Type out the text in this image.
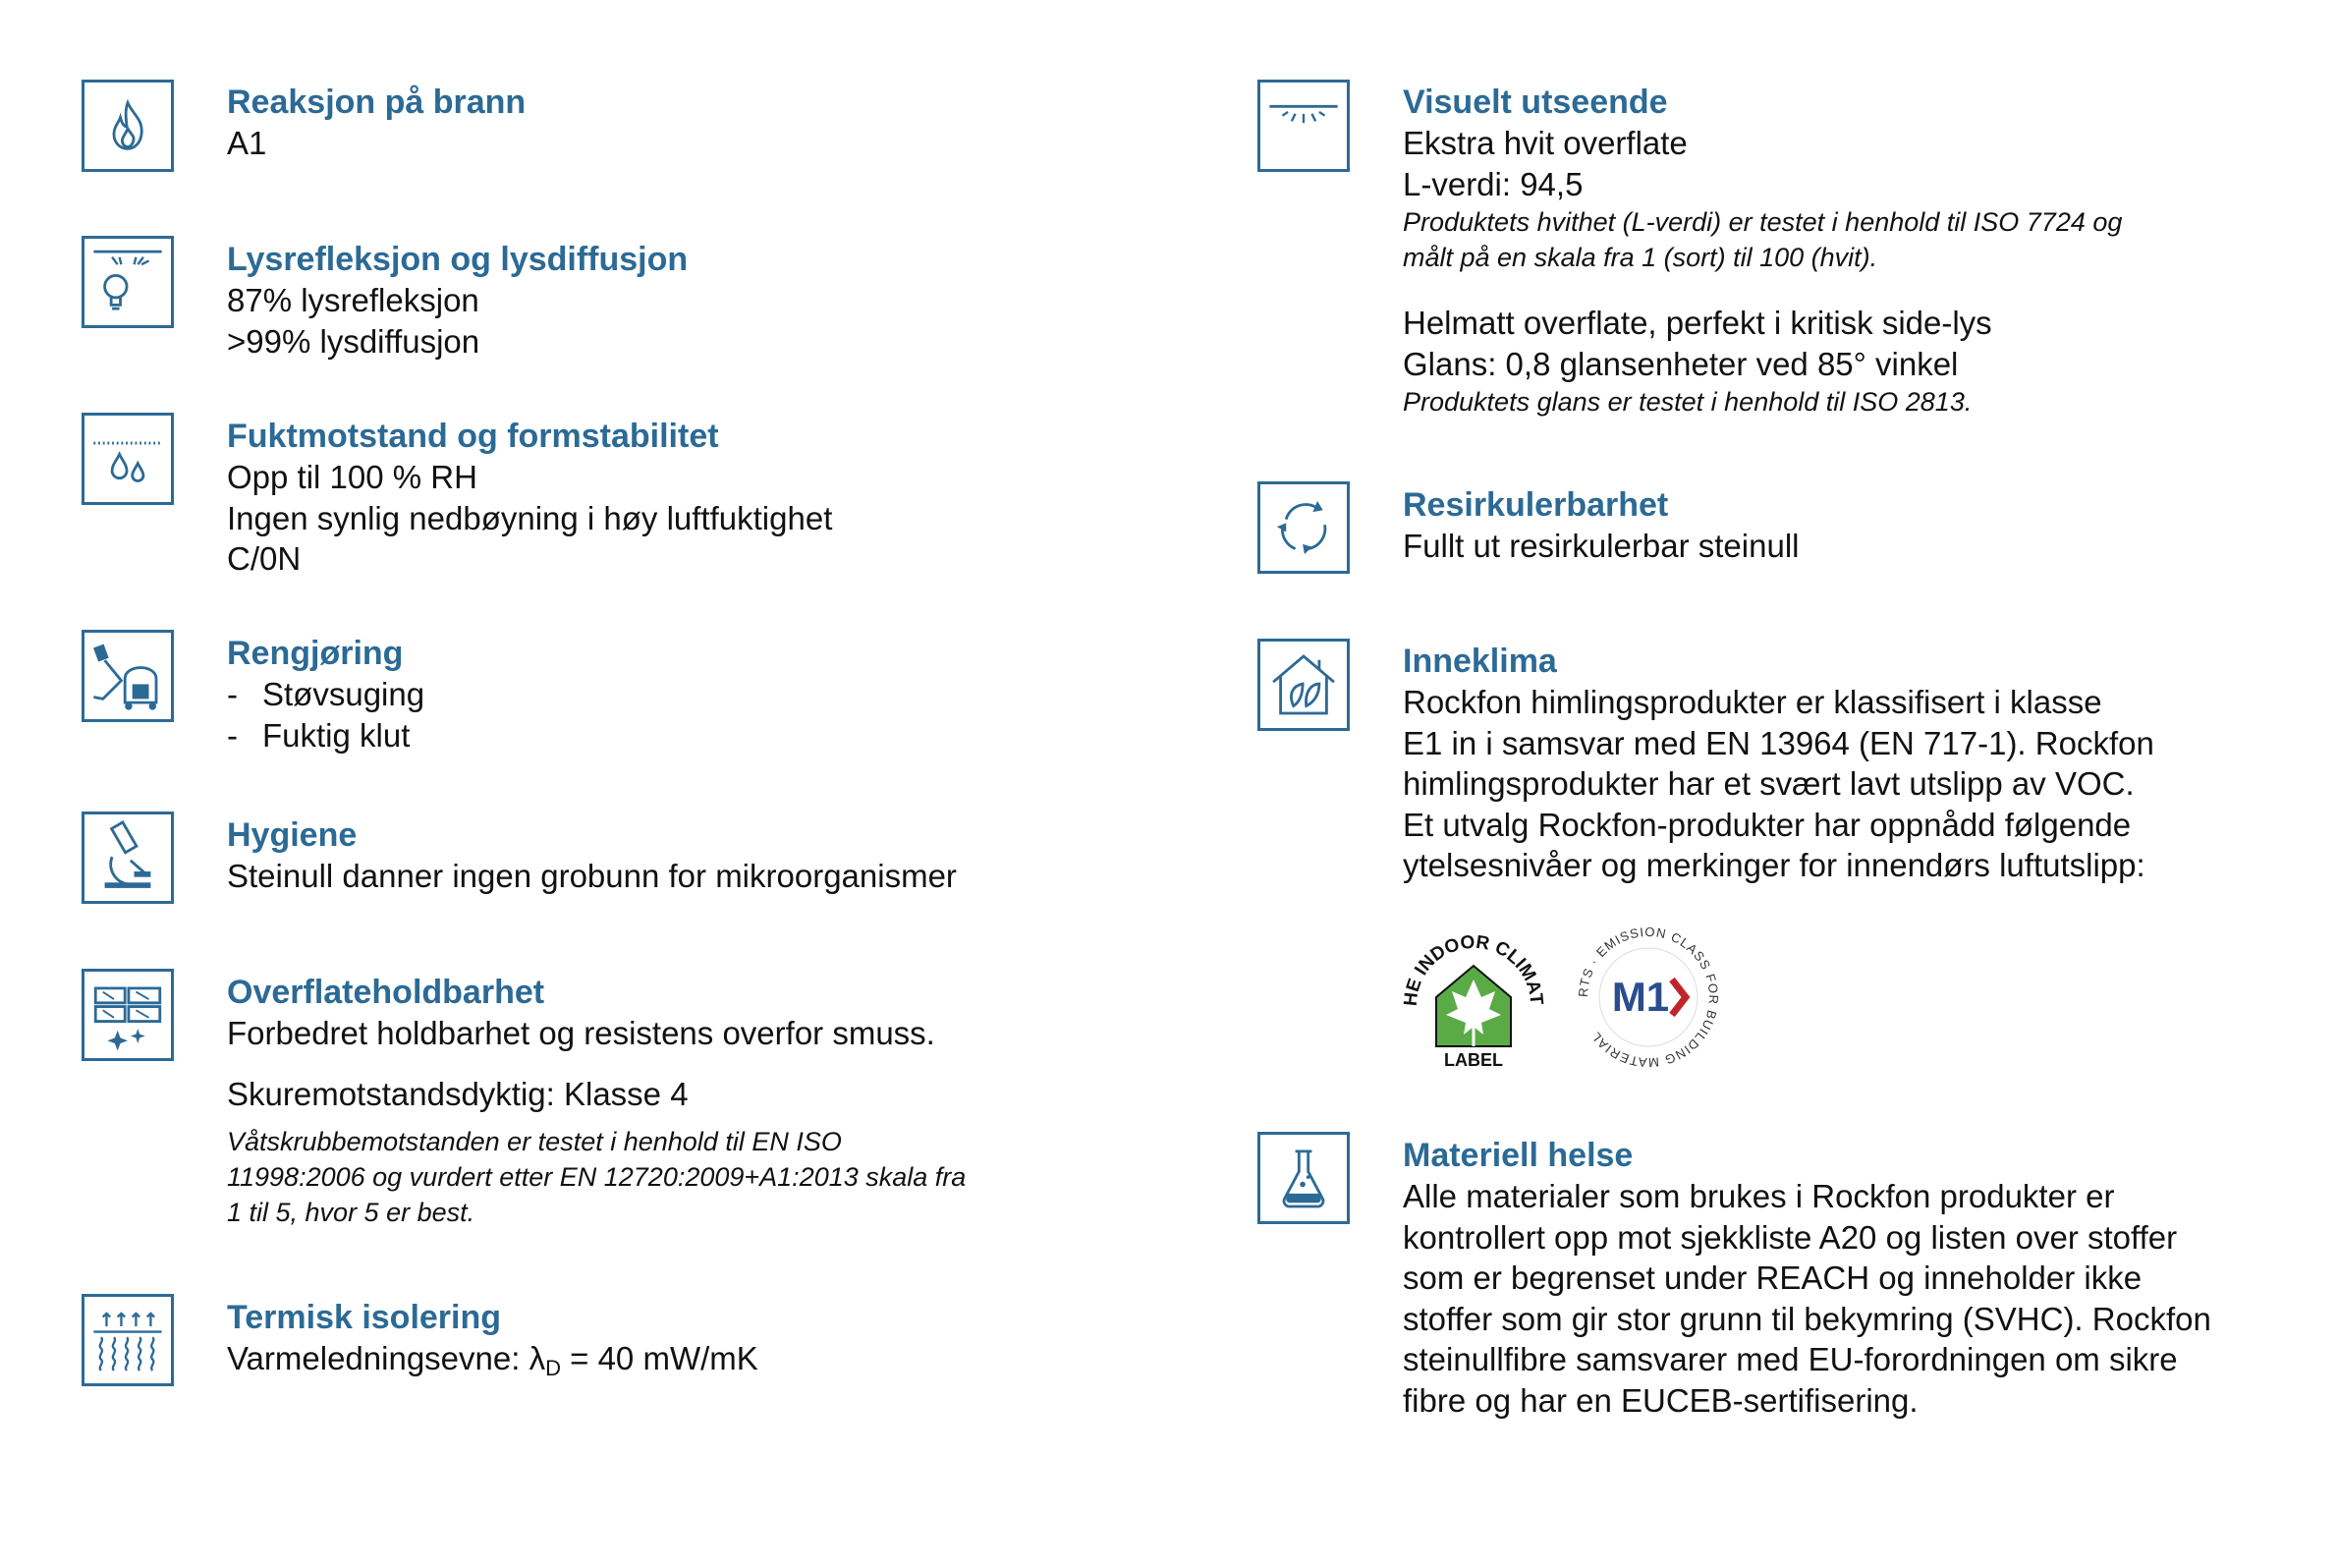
Reaksjon på brann
A1
Lysrefleksjon og lysdiffusjon
87% lysrefleksjon
>99% lysdiffusjon
Fuktmotstand og formstabilitet
Opp til 100 % RH
Ingen synlig nedbøyning i høy luftfuktighet
C/0N
Rengjøring
- Støvsuging
- Fuktig klut
Hygiene
Steinull danner ingen grobunn for mikroorganismer
Overflateholdbarhet
Forbedret holdbarhet og resistens overfor smuss.
Skuremotstandsdyktig: Klasse 4
Våtskrubbemotstanden er testet i henhold til EN ISO
11998:2006 og vurdert etter EN 12720:2009+A1:2013 skala fra
1 til 5, hvor 5 er best.
Termisk isolering
Varmeledningsevne: $\lambda_D = 40$ mW/mK
Visuelt utseende
Ekstra hvit overflate
L-verdi: 94,5
Produktets hvithet (L-verdi) er testet i henhold til ISO 7724 og
målt på en skala fra 1 (sort) til 100 (hvit).
Helmatt overflate, perfekt i kritisk side-lys
Glans: 0,8 glansenheter ved 85° vinkel
Produktets glans er testet i henhold til ISO 2813.
Resirkulerbarhet
Fullt ut resirkulerbar steinull
Inneklima
Rockfon himlingsprodukter er klassifisert i klasse
E1 in i samsvar med EN 13964 (EN 717-1). Rockfon
himlingsprodukter har et svært lavt utslipp av VOC.
Et utvalg Rockfon-produkter har oppnådd følgende
ytelsesnivåer og merkinger for innendørs luftutslipp:
HE INDOOR CLIMAT
LABEL
RTS · EMISSION CLASS FOR BUILDING MATERIAL
M1
Materiell helse
Alle materialer som brukes i Rockfon produkter er
kontrollert opp mot sjekkliste A20 og listen over stoffer
som er begrenset under REACH og inneholder ikke
stoffer som gir stor grunn til bekymring (SVHC). Rockfon
steinullfibre samsvarer med EU-forordningen om sikre
fibre og har en EUCEB-sertifisering.
